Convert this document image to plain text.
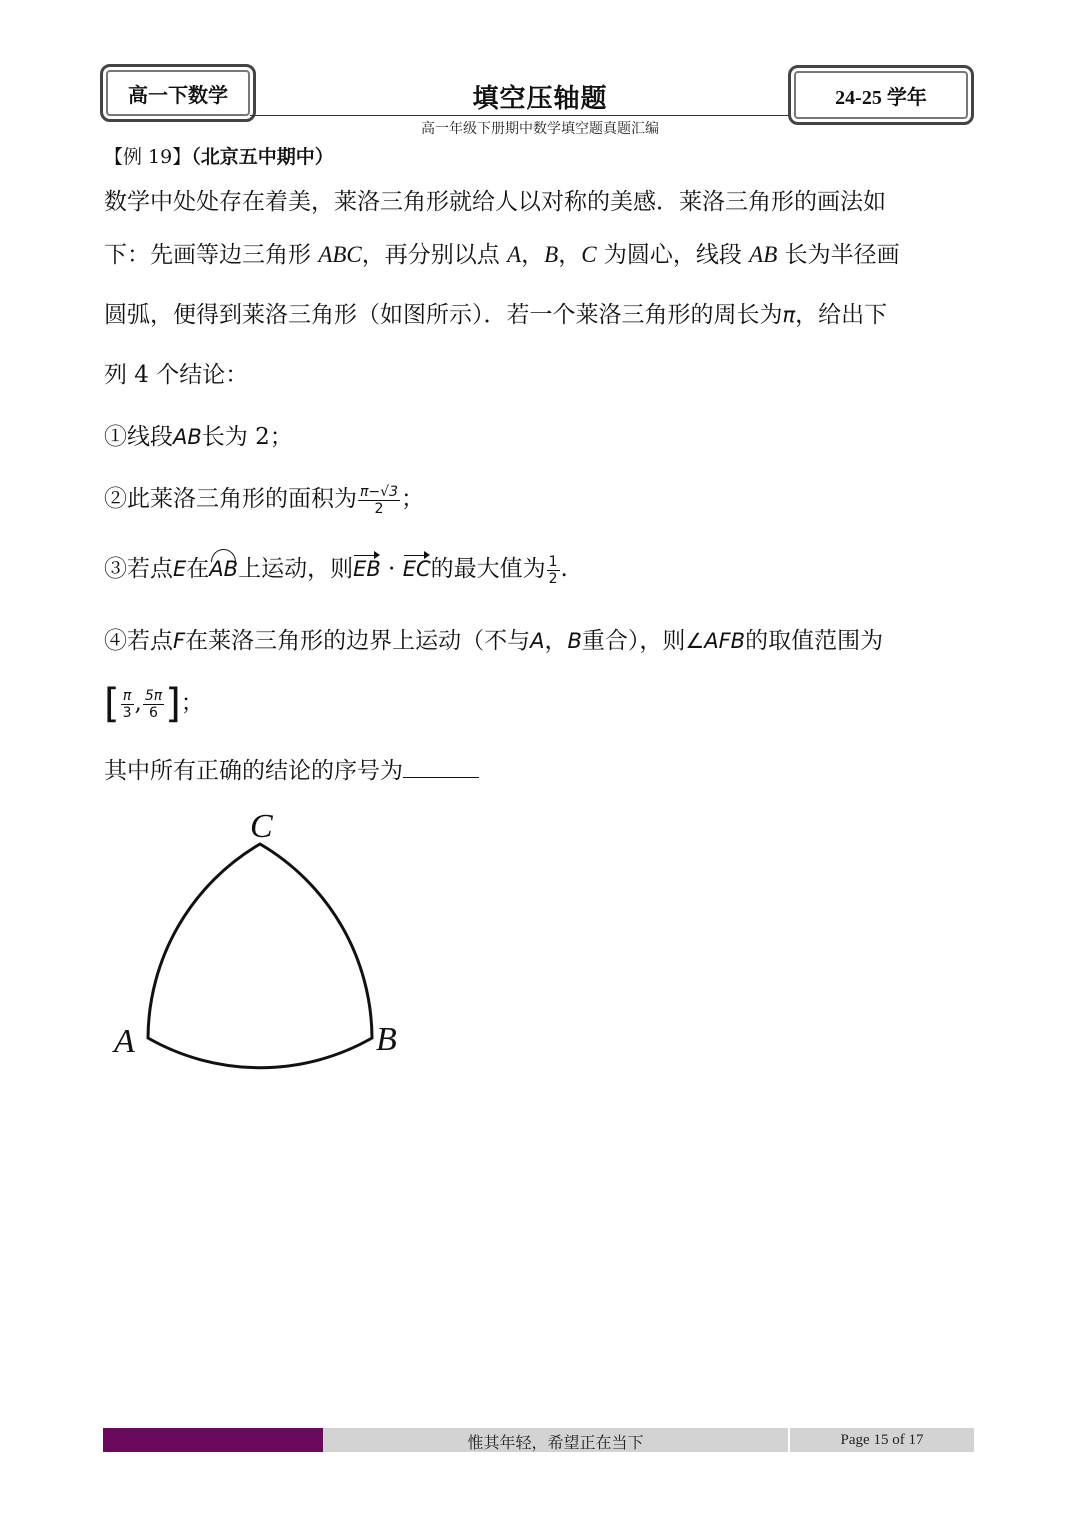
高一下数学	填空压轴题	24-25 学年
高一年级下册期中数学填空题真题汇编
【例 19】（北京五中期中）
数学中处处存在着美，莱洛三角形就给人以对称的美感．莱洛三角形的画法如
下：先画等边三角形 ABC，再分别以点 A，B，C 为圆心，线段 AB 长为半径画
圆弧，便得到莱洛三角形（如图所示）．若一个莱洛三角形的周长为π，给出下
列 4 个结论：
①线段AB长为 2；
②此莱洛三角形的面积为 $\frac{\pi-√3}{2}$ ；
③若点E在AB上运动，则EB · EC的最大值为 $\frac{1}{2}$ .
④若点F在莱洛三角形的边界上运动（不与A，B重合），则∠AFB的取值范围为
[ $\frac{\pi}{3}$ , $\frac{5\pi}{6}$ ]；
其中所有正确的结论的序号为
C
A	B
惟其年轻，希望正在当下	Page 15 of 17
